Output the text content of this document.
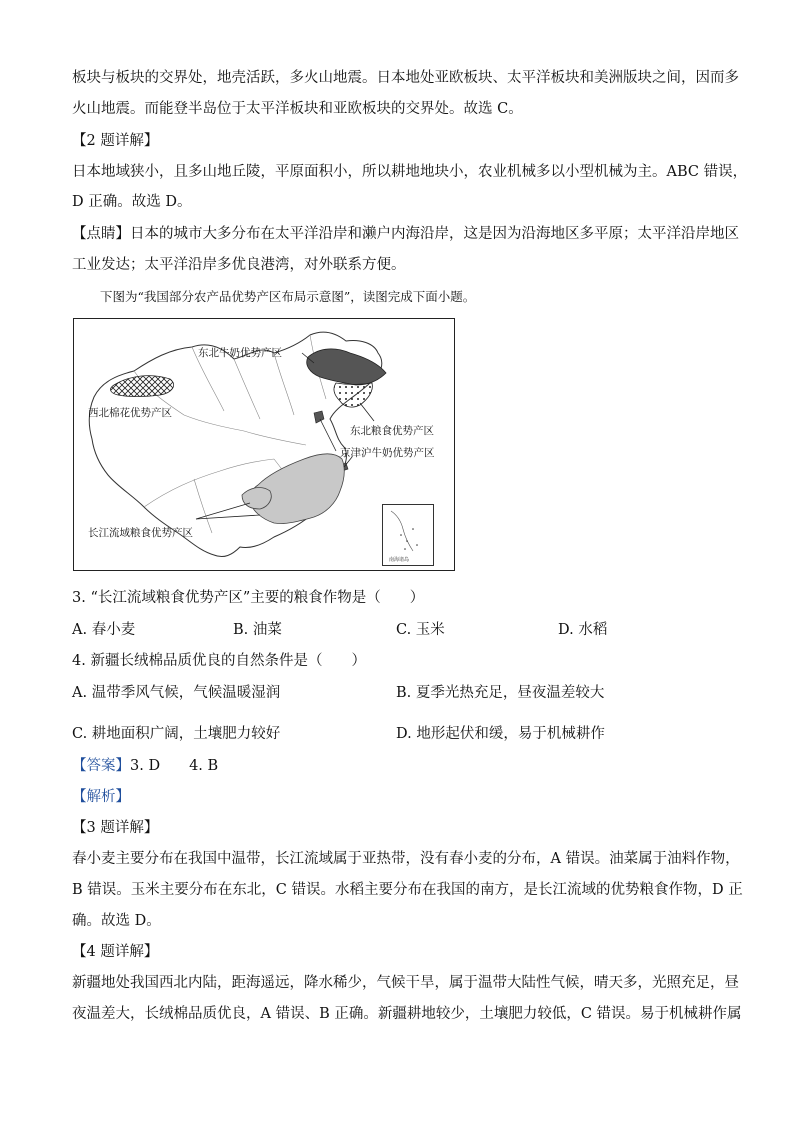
板块与板块的交界处，地壳活跃，多火山地震。日本地处亚欧板块、太平洋板块和美洲版块之间，因而多
火山地震。而能登半岛位于太平洋板块和亚欧板块的交界处。故选 C。
【2 题详解】
日本地域狭小，且多山地丘陵，平原面积小，所以耕地地块小，农业机械多以小型机械为主。ABC 错误，
D 正确。故选 D。
【点睛】日本的城市大多分布在太平洋沿岸和濑户内海沿岸，这是因为沿海地区多平原；太平洋沿岸地区
工业发达；太平洋沿岸多优良港湾，对外联系方便。
下图为“我国部分农产品优势产区布局示意图”，读图完成下面小题。
东北牛奶优势产区
西北棉花优势产区
东北粮食优势产区
京津沪牛奶优势产区
长江流域粮食优势产区
南海诸岛
3. “长江流域粮食优势产区”主要的粮食作物是（　　）
A. 春小麦	B. 油菜	C. 玉米	D. 水稻
4. 新疆长绒棉品质优良的自然条件是（　　）
A. 温带季风气候，气候温暖湿润	B. 夏季光热充足，昼夜温差较大
C. 耕地面积广阔，土壤肥力较好	D. 地形起伏和缓，易于机械耕作
【答案】3. D　　4. B
【解析】
【3 题详解】
春小麦主要分布在我国中温带，长江流域属于亚热带，没有春小麦的分布，A 错误。油菜属于油料作物，
B 错误。玉米主要分布在东北，C 错误。水稻主要分布在我国的南方，是长江流域的优势粮食作物，D 正
确。故选 D。
【4 题详解】
新疆地处我国西北内陆，距海遥远，降水稀少，气候干旱，属于温带大陆性气候，晴天多，光照充足，昼
夜温差大，长绒棉品质优良，A 错误、B 正确。新疆耕地较少，土壤肥力较低，C 错误。易于机械耕作属
